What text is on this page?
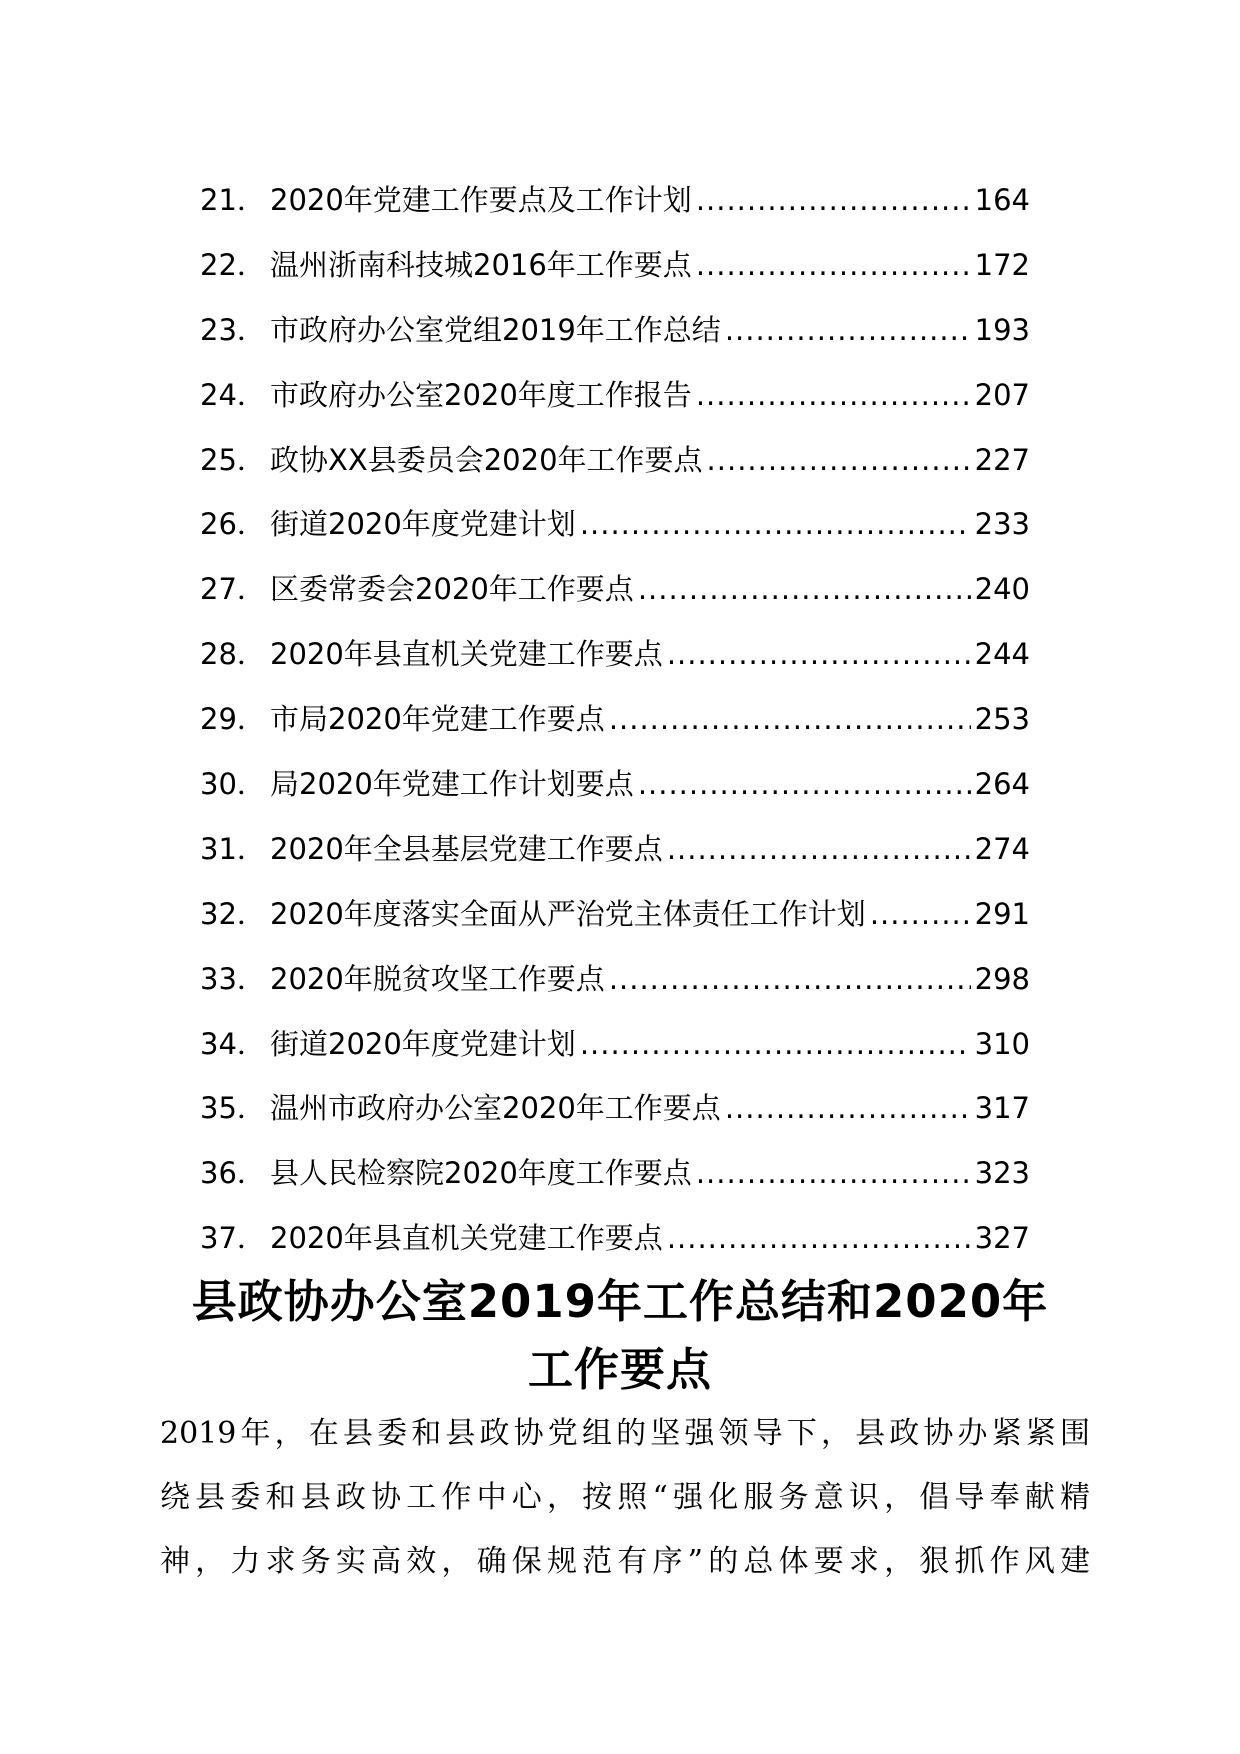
21． 2020年党建工作要点及工作计划 .....	164
22． 温州浙南科技城2016年工作要点 .....	172
23． 市政府办公室党组2019年工作总结 .....	193
24． 市政府办公室2020年度工作报告 .....	207
25． 政协XX县委员会2020年工作要点 .....	227
26． 街道2020年度党建计划 .....	233
27． 区委常委会2020年工作要点 .....	240
28． 2020年县直机关党建工作要点 .....	244
29． 市局2020年党建工作要点 .....	253
30． 局2020年党建工作计划要点 .....	264
31． 2020年全县基层党建工作要点 .....	274
32． 2020年度落实全面从严治党主体责任工作计划 .....	291
33． 2020年脱贫攻坚工作要点 .....	298
34． 街道2020年度党建计划 .....	310
35． 温州市政府办公室2020年工作要点 .....	317
36． 县人民检察院2020年度工作要点 .....	323
37． 2020年县直机关党建工作要点 .....	327
县政协办公室2019年工作总结和2020年
工作要点
2019年，在县委和县政协党组的坚强领导下，县政协办紧紧围
绕县委和县政协工作中心，按照“强化服务意识，倡导奉献精
神，力求务实高效，确保规范有序”的总体要求，狠抓作风建
